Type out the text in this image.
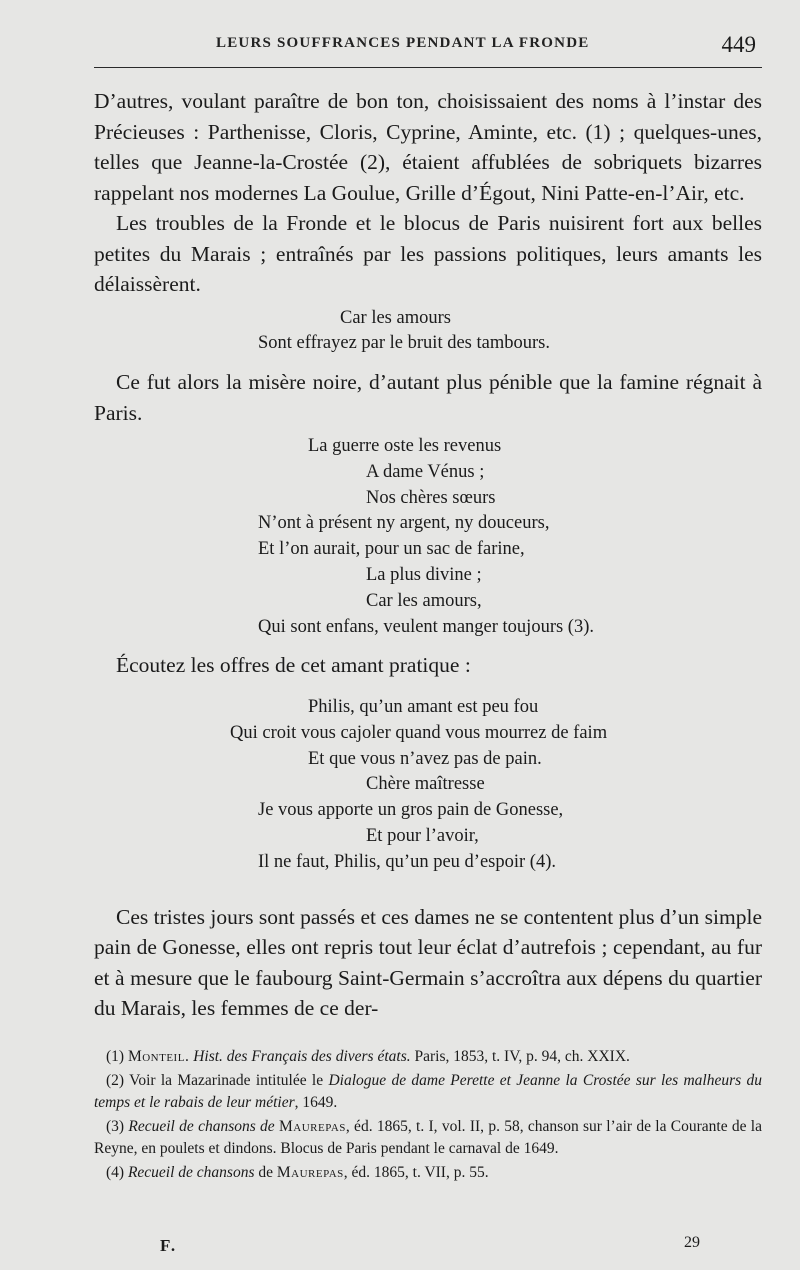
LEURS SOUFFRANCES PENDANT LA FRONDE	449

D’autres, voulant paraître de bon ton, choisissaient des noms à l’instar des Précieuses : Parthenisse, Cloris, Cyprine, Aminte, etc. (1) ; quelques-unes, telles que Jeanne-la-Crostée (2), étaient affublées de sobriquets bizarres rappelant nos modernes La Goulue, Grille d’Égout, Nini Patte-en-l’Air, etc.

Les troubles de la Fronde et le blocus de Paris nuisirent fort aux belles petites du Marais ; entraînés par les passions politiques, leurs amants les délaissèrent.

Car les amours
Sont effrayez par le bruit des tambours.

Ce fut alors la misère noire, d’autant plus pénible que la famine régnait à Paris.

La guerre oste les revenus
A dame Vénus ;
Nos chères sœurs
N’ont à présent ny argent, ny douceurs,
Et l’on aurait, pour un sac de farine,
La plus divine ;
Car les amours,
Qui sont enfans, veulent manger toujours (3).

Écoutez les offres de cet amant pratique :

Philis, qu’un amant est peu fou
Qui croit vous cajoler quand vous mourrez de faim
Et que vous n’avez pas de pain.
Chère maîtresse
Je vous apporte un gros pain de Gonesse,
Et pour l’avoir,
Il ne faut, Philis, qu’un peu d’espoir (4).

Ces tristes jours sont passés et ces dames ne se contentent plus d’un simple pain de Gonesse, elles ont repris tout leur éclat d’autrefois ; cependant, au fur et à mesure que le faubourg Saint-Germain s’accroîtra aux dépens du quartier du Marais, les femmes de ce der-

(1) Monteil. Hist. des Français des divers états. Paris, 1853, t. IV, p. 94, ch. XXIX.

(2) Voir la Mazarinade intitulée le Dialogue de dame Perette et Jeanne la Crostée sur les malheurs du temps et le rabais de leur métier, 1649.

(3) Recueil de chansons de Maurepas, éd. 1865, t. I, vol. II, p. 58, chanson sur l’air de la Courante de la Reyne, en poulets et dindons. Blocus de Paris pendant le carnaval de 1649.

(4) Recueil de chansons de Maurepas, éd. 1865, t. VII, p. 55.

F.	29
